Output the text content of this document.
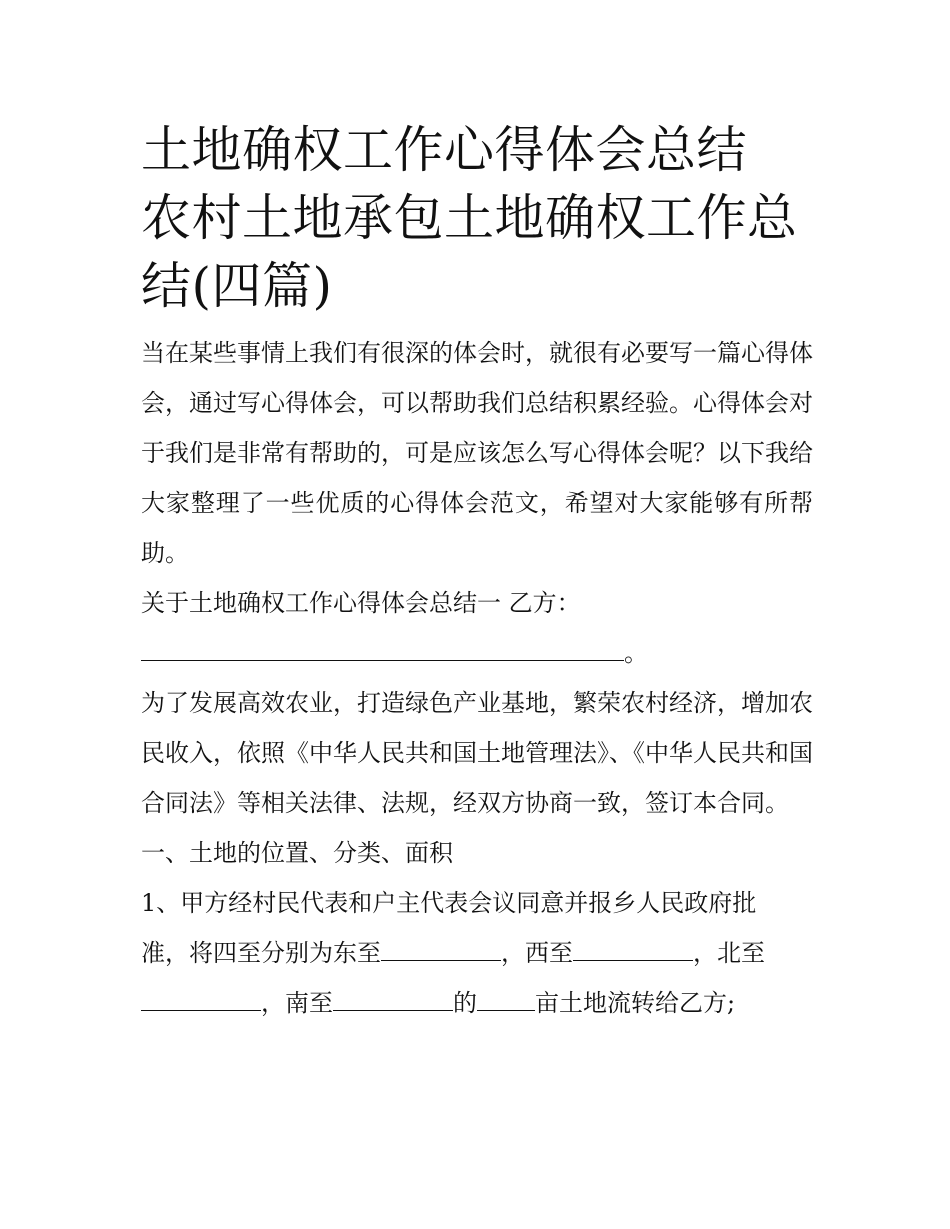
土地确权工作心得体会总结 农村土地承包土地确权工作总结(四篇)

当在某些事情上我们有很深的体会时，就很有必要写一篇心得体会，通过写心得体会，可以帮助我们总结积累经验。心得体会对于我们是非常有帮助的，可是应该怎么写心得体会呢？以下我给大家整理了一些优质的心得体会范文，希望对大家能够有所帮助。

关于土地确权工作心得体会总结一 乙方：

。

为了发展高效农业，打造绿色产业基地，繁荣农村经济，增加农民收入，依照《中华人民共和国土地管理法》、《中华人民共和国合同法》等相关法律、法规，经双方协商一致，签订本合同。

一、土地的位置、分类、面积

1、甲方经村民代表和户主代表会议同意并报乡人民政府批

准，将四至分别为东至	，西至	，北至

，南至	的 亩土地流转给乙方;
